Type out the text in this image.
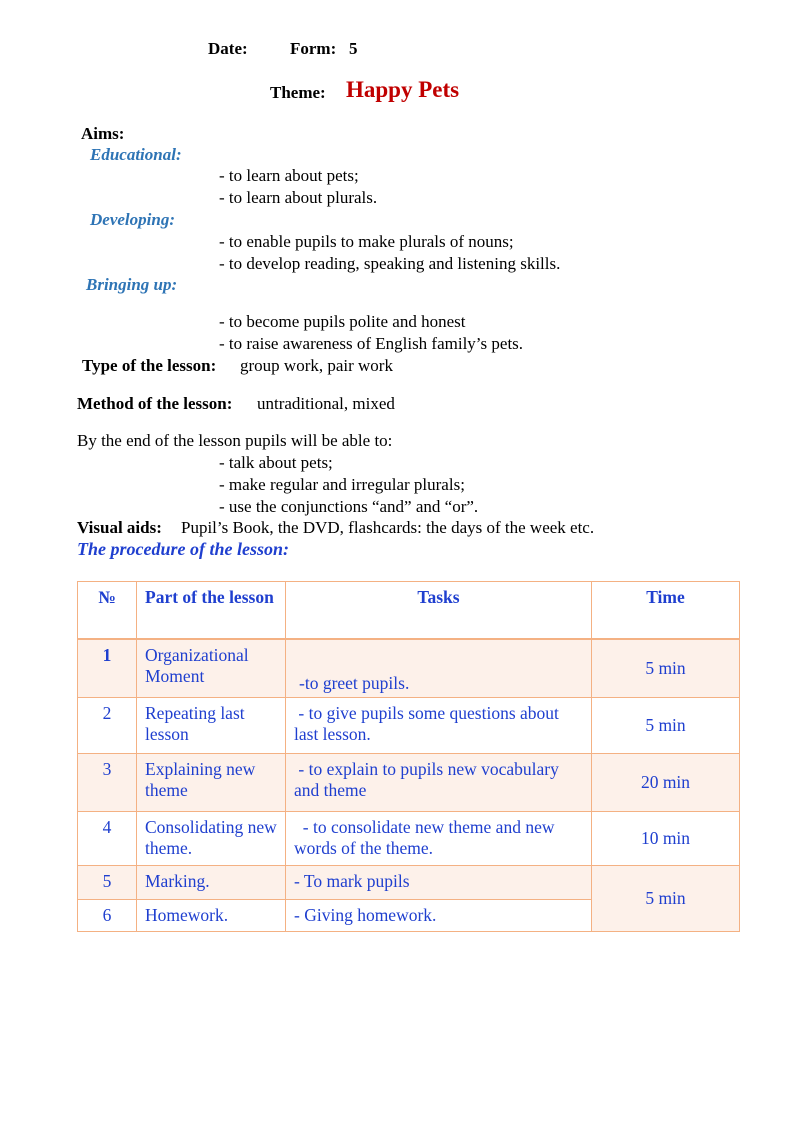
Date: Form: 5
Theme: Happy Pets
Aims:
Educational:
- to learn about pets;
- to learn about plurals.
Developing:
- to enable pupils to make plurals of nouns;
- to develop reading, speaking and listening skills.
Bringing up:
- to become pupils polite and honest
- to raise awareness of English family’s pets.
Type of the lesson: group work, pair work
Method of the lesson: untraditional, mixed
By the end of the lesson pupils will be able to:
- talk about pets;
- make regular and irregular plurals;
- use the conjunctions “and” and “or”.
Visual aids: Pupil’s Book, the DVD, flashcards: the days of the week etc.
The procedure of the lesson:
№	Part of the lesson	Tasks	Time
1	Organizational Moment	-to greet pupils.	5 min
2	Repeating last lesson	- to give pupils some questions about last lesson.	5 min
3	Explaining new theme	- to explain to pupils new vocabulary and theme	20 min
4	Consolidating new theme.	- to consolidate new theme and new words of the theme.	10 min
5	Marking.	- To mark pupils	5 min
6	Homework.	- Giving homework.	
